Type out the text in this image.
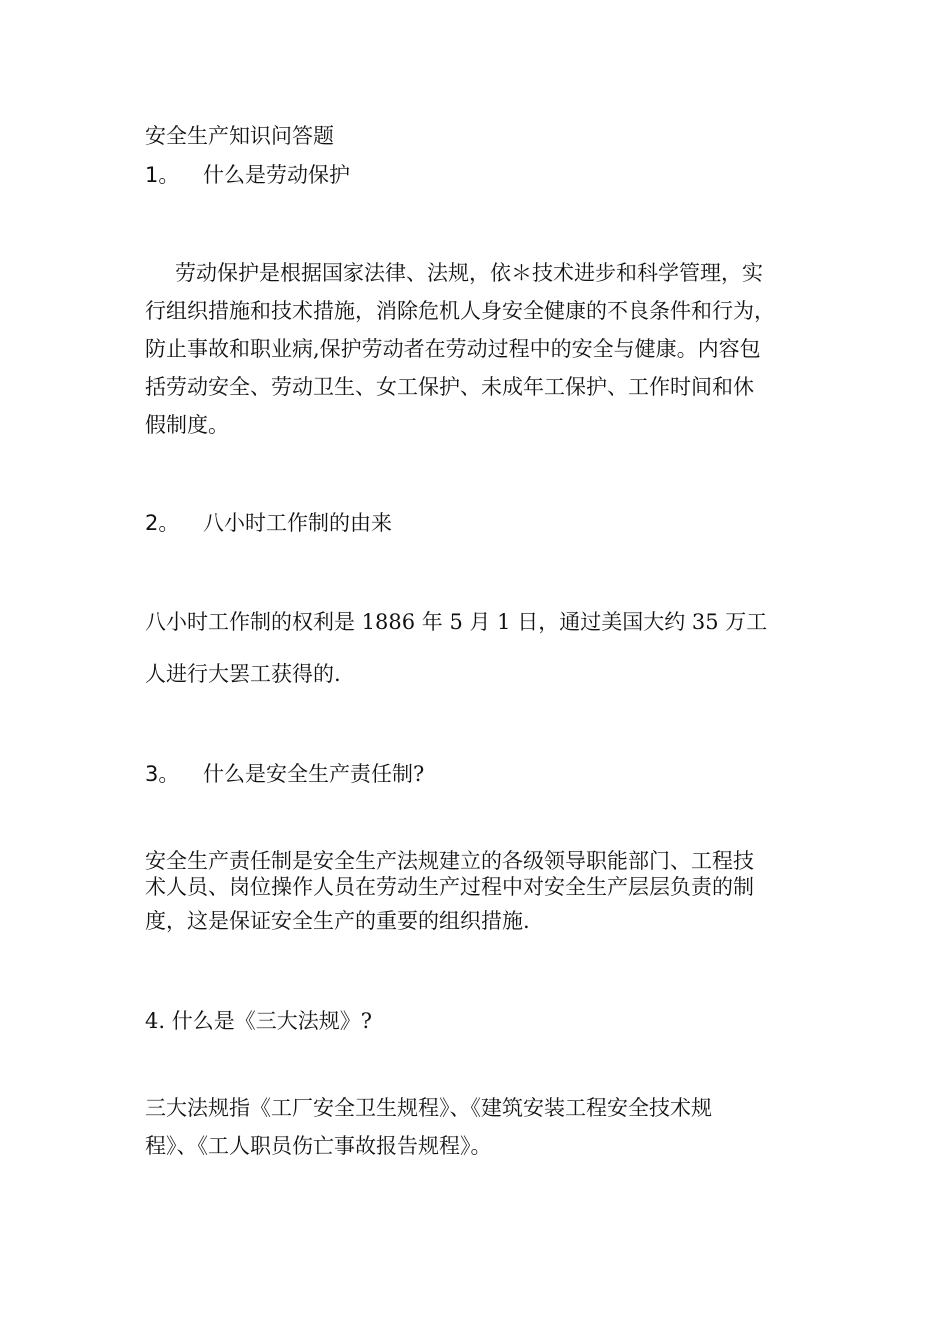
安全生产知识问答题
1。 什么是劳动保护
劳动保护是根据国家法律、法规，依＊技术进步和科学管理，实
行组织措施和技术措施，消除危机人身安全健康的不良条件和行为，
防止事故和职业病,保护劳动者在劳动过程中的安全与健康。内容包
括劳动安全、劳动卫生、女工保护、未成年工保护、工作时间和休
假制度。
2。 八小时工作制的由来
八小时工作制的权利是 1886 年 5 月 1 日，通过美国大约 35 万工
人进行大罢工获得的.
3。 什么是安全生产责任制?
安全生产责任制是安全生产法规建立的各级领导职能部门、工程技
术人员、岗位操作人员在劳动生产过程中对安全生产层层负责的制
度，这是保证安全生产的重要的组织措施.
4. 什么是《三大法规》?
三大法规指《工厂安全卫生规程》、《建筑安装工程安全技术规
程》、《工人职员伤亡事故报告规程》。
